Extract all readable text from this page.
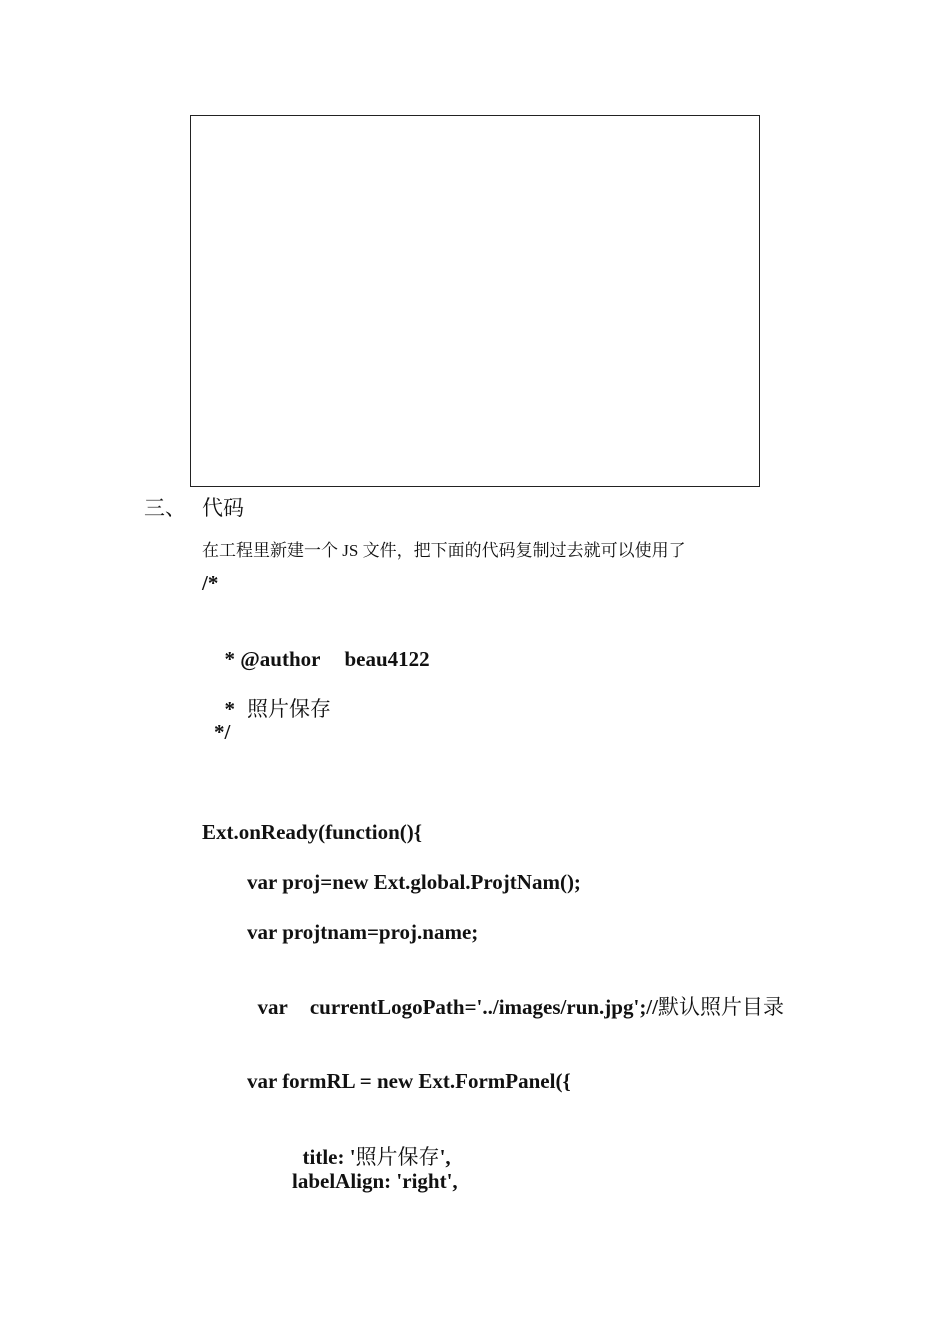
三、 代码
在工程里新建一个 JS 文件，把下面的代码复制过去就可以使用了
/*

* @author beau4122

* 照片保存

*/
Ext.onReady(function(){
var proj=new Ext.global.ProjtNam();
var projtnam=proj.name;

var currentLogoPath='../images/run.jpg';//默认照片目录

var formRL = new Ext.FormPanel({

title: '照片保存',

labelAlign: 'right',
